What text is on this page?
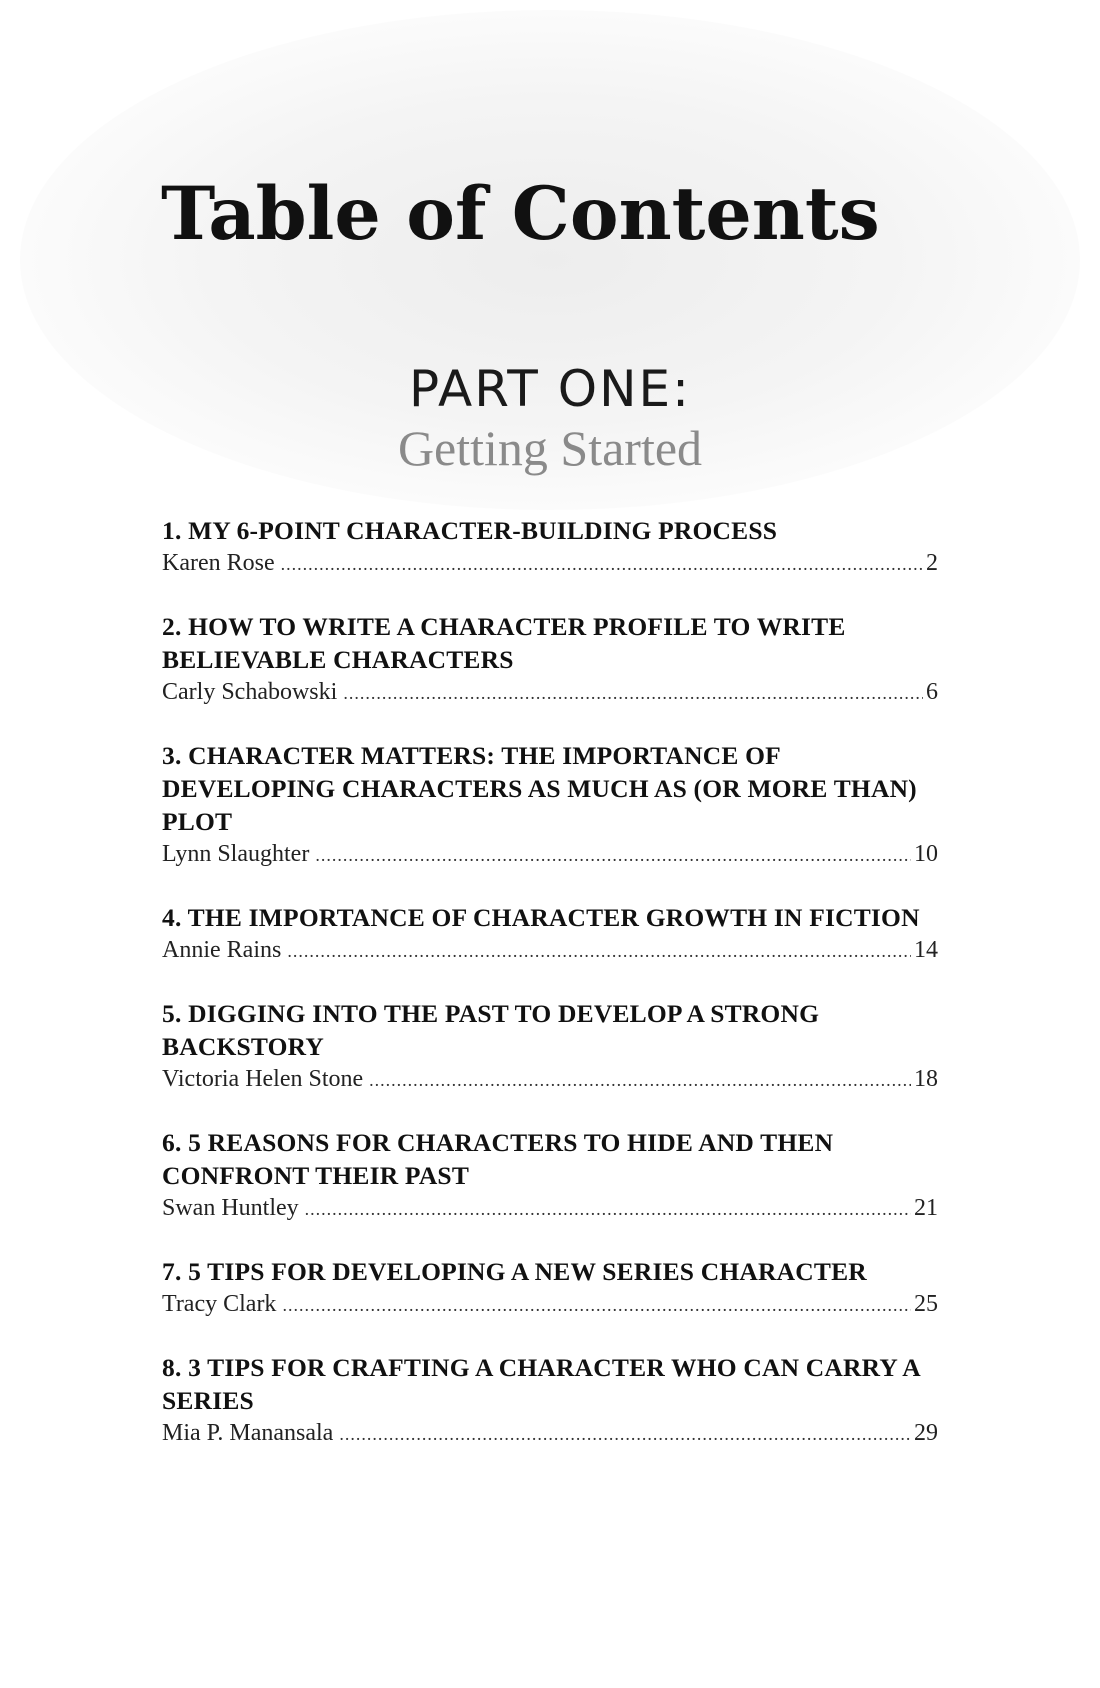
Table of Contents
PART ONE:
Getting Started
1. MY 6-POINT CHARACTER-BUILDING PROCESS
Karen Rose .....	2
2. HOW TO WRITE A CHARACTER PROFILE TO WRITE BELIEVABLE CHARACTERS
Carly Schabowski .....	6
3. CHARACTER MATTERS: THE IMPORTANCE OF DEVELOPING CHARACTERS AS MUCH AS (OR MORE THAN) PLOT
Lynn Slaughter .....	10
4. THE IMPORTANCE OF CHARACTER GROWTH IN FICTION
Annie Rains .....	14
5. DIGGING INTO THE PAST TO DEVELOP A STRONG BACKSTORY
Victoria Helen Stone .....	18
6. 5 REASONS FOR CHARACTERS TO HIDE AND THEN CONFRONT THEIR PAST
Swan Huntley .....	21
7. 5 TIPS FOR DEVELOPING A NEW SERIES CHARACTER
Tracy Clark .....	25
8. 3 TIPS FOR CRAFTING A CHARACTER WHO CAN CARRY A SERIES
Mia P. Manansala .....	29
